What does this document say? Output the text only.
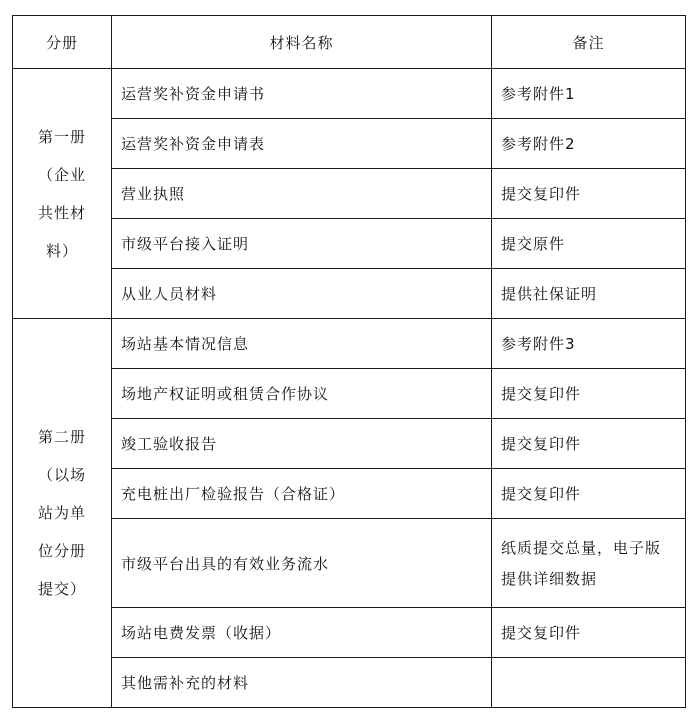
分册	材料名称	备注

第一册
（企业
共性材
料）	运营奖补资金申请书	参考附件1
	运营奖补资金申请表	参考附件2
	营业执照	提交复印件
	市级平台接入证明	提交原件
	从业人员材料	提供社保证明

第二册
（以场
站为单
位分册
提交）	场站基本情况信息	参考附件3
	场地产权证明或租赁合作协议	提交复印件
	竣工验收报告	提交复印件
	充电桩出厂检验报告（合格证）	提交复印件
	市级平台出具的有效业务流水	纸质提交总量，电子版
提供详细数据

	场站电费发票（收据）	提交复印件
	其他需补充的材料	
